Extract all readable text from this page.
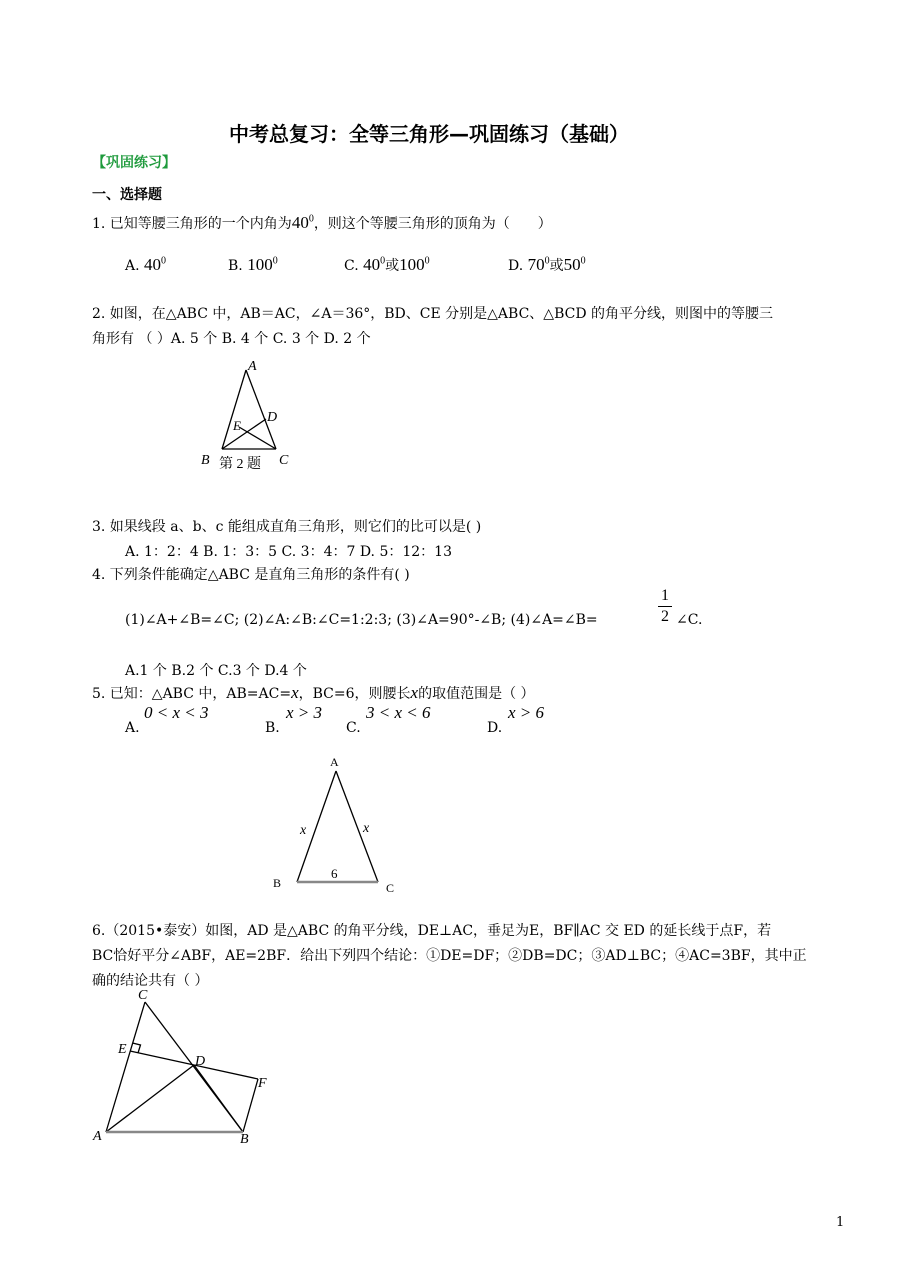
中考总复习：全等三角形—巩固练习（基础）
【巩固练习】
一、选择题
1. 已知等腰三角形的一个内角为$40^0$，则这个等腰三角形的顶角为（　　）
A. $40^0$	B. $100^0$	C. $40^0$或$100^0$	D. $70^0$或$50^0$
2. 如图，在△ABC 中，AB＝AC，∠A＝36°，BD、CE 分别是△ABC、△BCD 的角平分线，则图中的等腰三
角形有 （ ）A. 5 个 B. 4 个 C. 3 个 D. 2 个
A
D
E
B	C
第 2 题
3. 如果线段 a、b、c 能组成直角三角形，则它们的比可以是( )
A. 1：2：4 B. 1：3：5 C. 3：4：7 D. 5：12：13
4. 下列条件能确定△ABC 是直角三角形的条件有( )
(1)∠A+∠B=∠C; (2)∠A:∠B:∠C=1:2:3; (3)∠A=90°-∠B; (4)∠A=∠B=
1
2 ∠C.
A.1 个 B.2 个 C.3 个 D.4 个
5. 已知：△ABC 中，AB=AC=x，BC=6，则腰长x的取值范围是（ ）
A.
0 < x < 3
B.
x > 3
C.
3 < x < 6
D.
x > 6
A
B	C
x	x
6
6.（2015•泰安）如图，AD 是△ABC 的角平分线，DE⊥AC，垂足为E，BF∥AC 交 ED 的延长线于点F，若
BC恰好平分∠ABF，AE=2BF．给出下列四个结论：①DE=DF；②DB=DC；③AD⊥BC；④AC=3BF，其中正
确的结论共有（ ）
C
E
D
F
A	B
1
